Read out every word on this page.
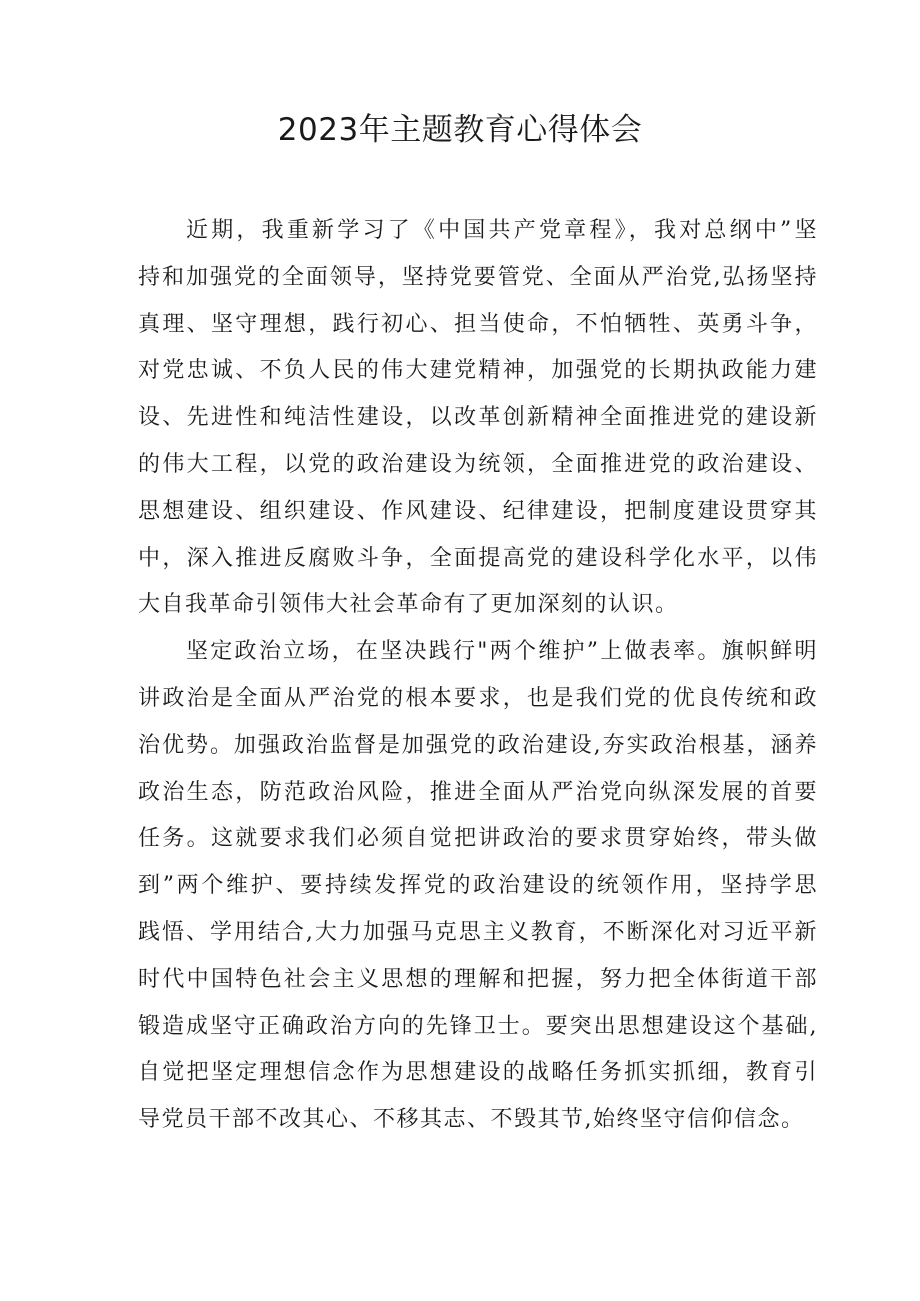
2023年主题教育心得体会

近期，我重新学习了《中国共产党章程》，我对总纲中”坚
持和加强党的全面领导，坚持党要管党、全面从严治党,弘扬坚持
真理、坚守理想，践行初心、担当使命，不怕牺牲、英勇斗争，
对党忠诚、不负人民的伟大建党精神，加强党的长期执政能力建
设、先进性和纯洁性建设，以改革创新精神全面推进党的建设新
的伟大工程，以党的政治建设为统领，全面推进党的政治建设、
思想建设、组织建设、作风建设、纪律建设，把制度建设贯穿其
中，深入推进反腐败斗争，全面提高党的建设科学化水平，以伟
大自我革命引领伟大社会革命有了更加深刻的认识。

坚定政治立场，在坚决践行"两个维护”上做表率。旗帜鲜明
讲政治是全面从严治党的根本要求，也是我们党的优良传统和政
治优势。加强政治监督是加强党的政治建设,夯实政治根基，涵养
政治生态，防范政治风险，推进全面从严治党向纵深发展的首要
任务。这就要求我们必须自觉把讲政治的要求贯穿始终，带头做
到”两个维护、要持续发挥党的政治建设的统领作用，坚持学思
践悟、学用结合,大力加强马克思主义教育，不断深化对习近平新
时代中国特色社会主义思想的理解和把握，努力把全体街道干部
锻造成坚守正确政治方向的先锋卫士。要突出思想建设这个基础,
自觉把坚定理想信念作为思想建设的战略任务抓实抓细，教育引
导党员干部不改其心、不移其志、不毁其节,始终坚守信仰信念。
